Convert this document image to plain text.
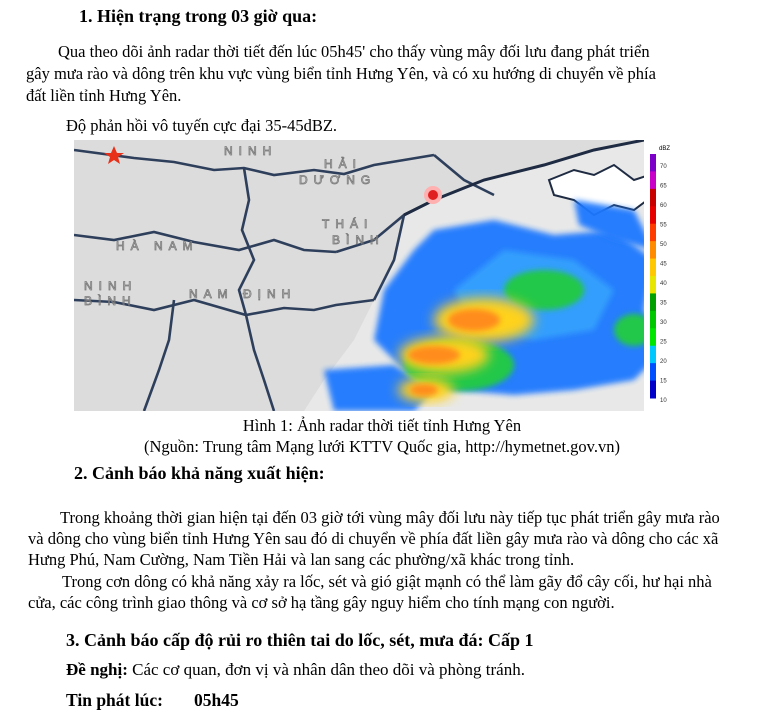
1. Hiện trạng trong 03 giờ qua:
Qua theo dõi ảnh radar thời tiết đến lúc 05h45' cho thấy vùng mây đối lưu đang phát triển
gây mưa rào và dông trên khu vực vùng biển tỉnh Hưng Yên, và có xu hướng di chuyển về phía
đất liền tỉnh Hưng Yên.
Độ phản hồi vô tuyến cực đại 35-45dBZ.
NINH
HẢI
DƯƠNG
THÁI
BÌNH
HÀ NAM
NINH
BÌNH	NAM ĐỊNH
dBZ
70
65
60
55
50
45
40
35
30
25
20
15
10
Hình 1: Ảnh radar thời tiết tỉnh Hưng Yên
(Nguồn: Trung tâm Mạng lưới KTTV Quốc gia, http://hymetnet.gov.vn)
2. Cảnh báo khả năng xuất hiện:
Trong khoảng thời gian hiện tại đến 03 giờ tới vùng mây đối lưu này tiếp tục phát triển gây mưa rào
và dông cho vùng biển tỉnh Hưng Yên sau đó di chuyển về phía đất liền gây mưa rào và dông cho các xã
Hưng Phú, Nam Cường, Nam Tiền Hải và lan sang các phường/xã khác trong tỉnh.
Trong cơn dông có khả năng xảy ra lốc, sét và gió giật mạnh có thể làm gãy đổ cây cối, hư hại nhà
cửa, các công trình giao thông và cơ sở hạ tầng gây nguy hiểm cho tính mạng con người.
3. Cảnh báo cấp độ rủi ro thiên tai do lốc, sét, mưa đá: Cấp 1
Đề nghị: Các cơ quan, đơn vị và nhân dân theo dõi và phòng tránh.
Tin phát lúc: 05h45
